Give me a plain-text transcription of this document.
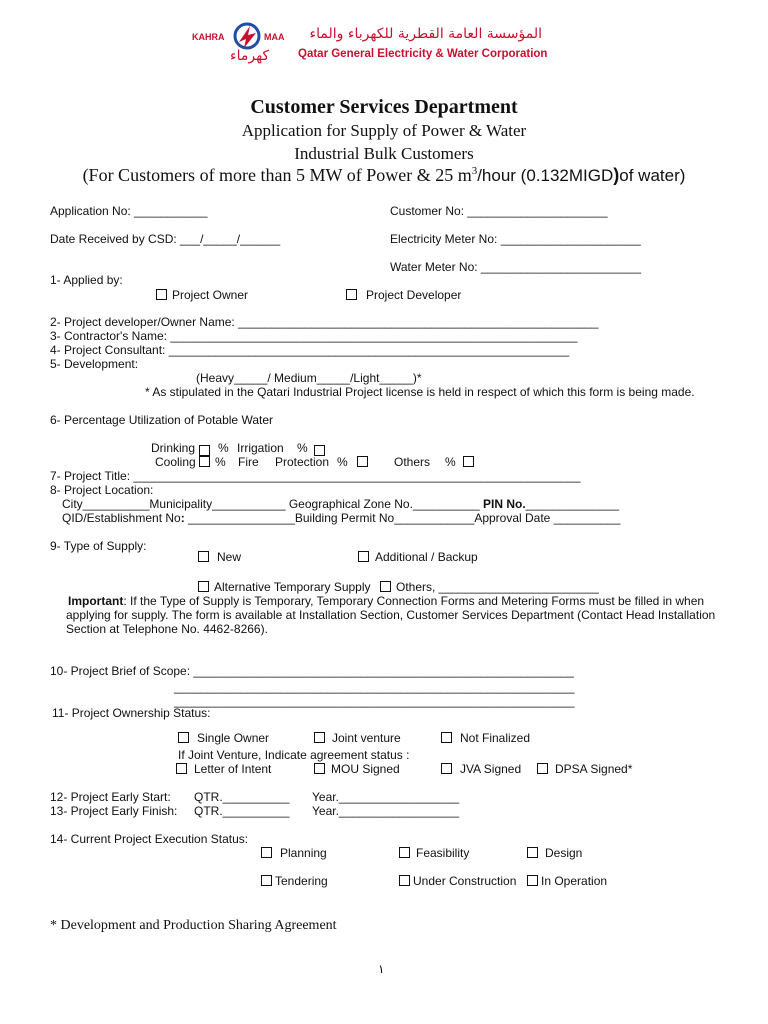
KAHRA	MAA
كهرماء
المؤسسة العامة القطرية للكهرباء والماء
Qatar General Electricity & Water Corporation
Customer Services Department
Application for Supply of Power & Water
Industrial Bulk Customers
(For Customers of more than 5 MW of Power & 25 $m^3$/hour (0.132MIGD)of water)
Application No: ___________	Customer No: _____________________
Date Received by CSD: ___/_____/______	Electricity Meter No: _____________________
Water Meter No: ________________________
1- Applied by:
Project Owner	Project Developer
2- Project developer/Owner Name: ______________________________________________________
3- Contractor's Name: _____________________________________________________________
4- Project Consultant: ____________________________________________________________
5- Development:
(Heavy_____/ Medium_____/Light_____)*
* As stipulated in the Qatari Industrial Project license is held in respect of which this form is being made.
6- Percentage Utilization of Potable Water
Drinking % Irrigation %
Cooling % Fire Protection %	Others %
7- Project Title: ___________________________________________________________________
8- Project Location:
City__________Municipality___________ Geographical Zone No.__________ PIN No.______________
QID/Establishment No: ________________Building Permit No____________Approval Date __________
9- Type of Supply:
New	Additional / Backup
Alternative Temporary Supply	Others, ________________________
Important: If the Type of Supply is Temporary, Temporary Connection Forms and Metering Forms must be filled in when
applying for supply. The form is available at Installation Section, Customer Services Department (Contact Head Installation
Section at Telephone No. 4462-8266).
10- Project Brief of Scope: _________________________________________________________
____________________________________________________________
____________________________________________________________
11- Project Ownership Status:
Single Owner	Joint venture	Not Finalized
If Joint Venture, Indicate agreement status :
Letter of Intent	MOU Signed	JVA Signed	DPSA Signed*
12- Project Early Start: QTR.__________ Year.__________________
13- Project Early Finish: QTR.__________ Year.__________________
14- Current Project Execution Status:
Planning	Feasibility	Design
Tendering	Under Construction	In Operation
* Development and Production Sharing Agreement
١
